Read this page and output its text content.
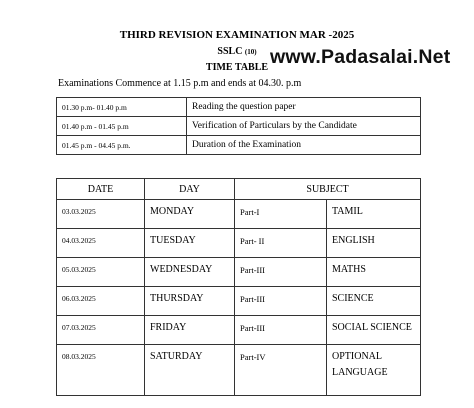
THIRD REVISION EXAMINATION MAR -2025
SSLC (10)
TIME TABLE www.Padasalai.Net
Examinations Commence at 1.15 p.m and ends at 04.30. p.m
01.30 p.m- 01.40 p.m	Reading the question paper
01.40 p.m - 01.45 p.m	Verification of Particulars by the Candidate
01.45 p.m - 04.45 p.m.	Duration of the Examination
DATE	DAY	SUBJECT	
03.03.2025	MONDAY	Part-I	TAMIL
04.03.2025	TUESDAY	Part- II	ENGLISH
05.03.2025	WEDNESDAY	Part-III	MATHS
06.03.2025	THURSDAY	Part-III	SCIENCE
07.03.2025	FRIDAY	Part-III	SOCIAL SCIENCE
08.03.2025	SATURDAY	Part-IV	OPTIONAL LANGUAGE
